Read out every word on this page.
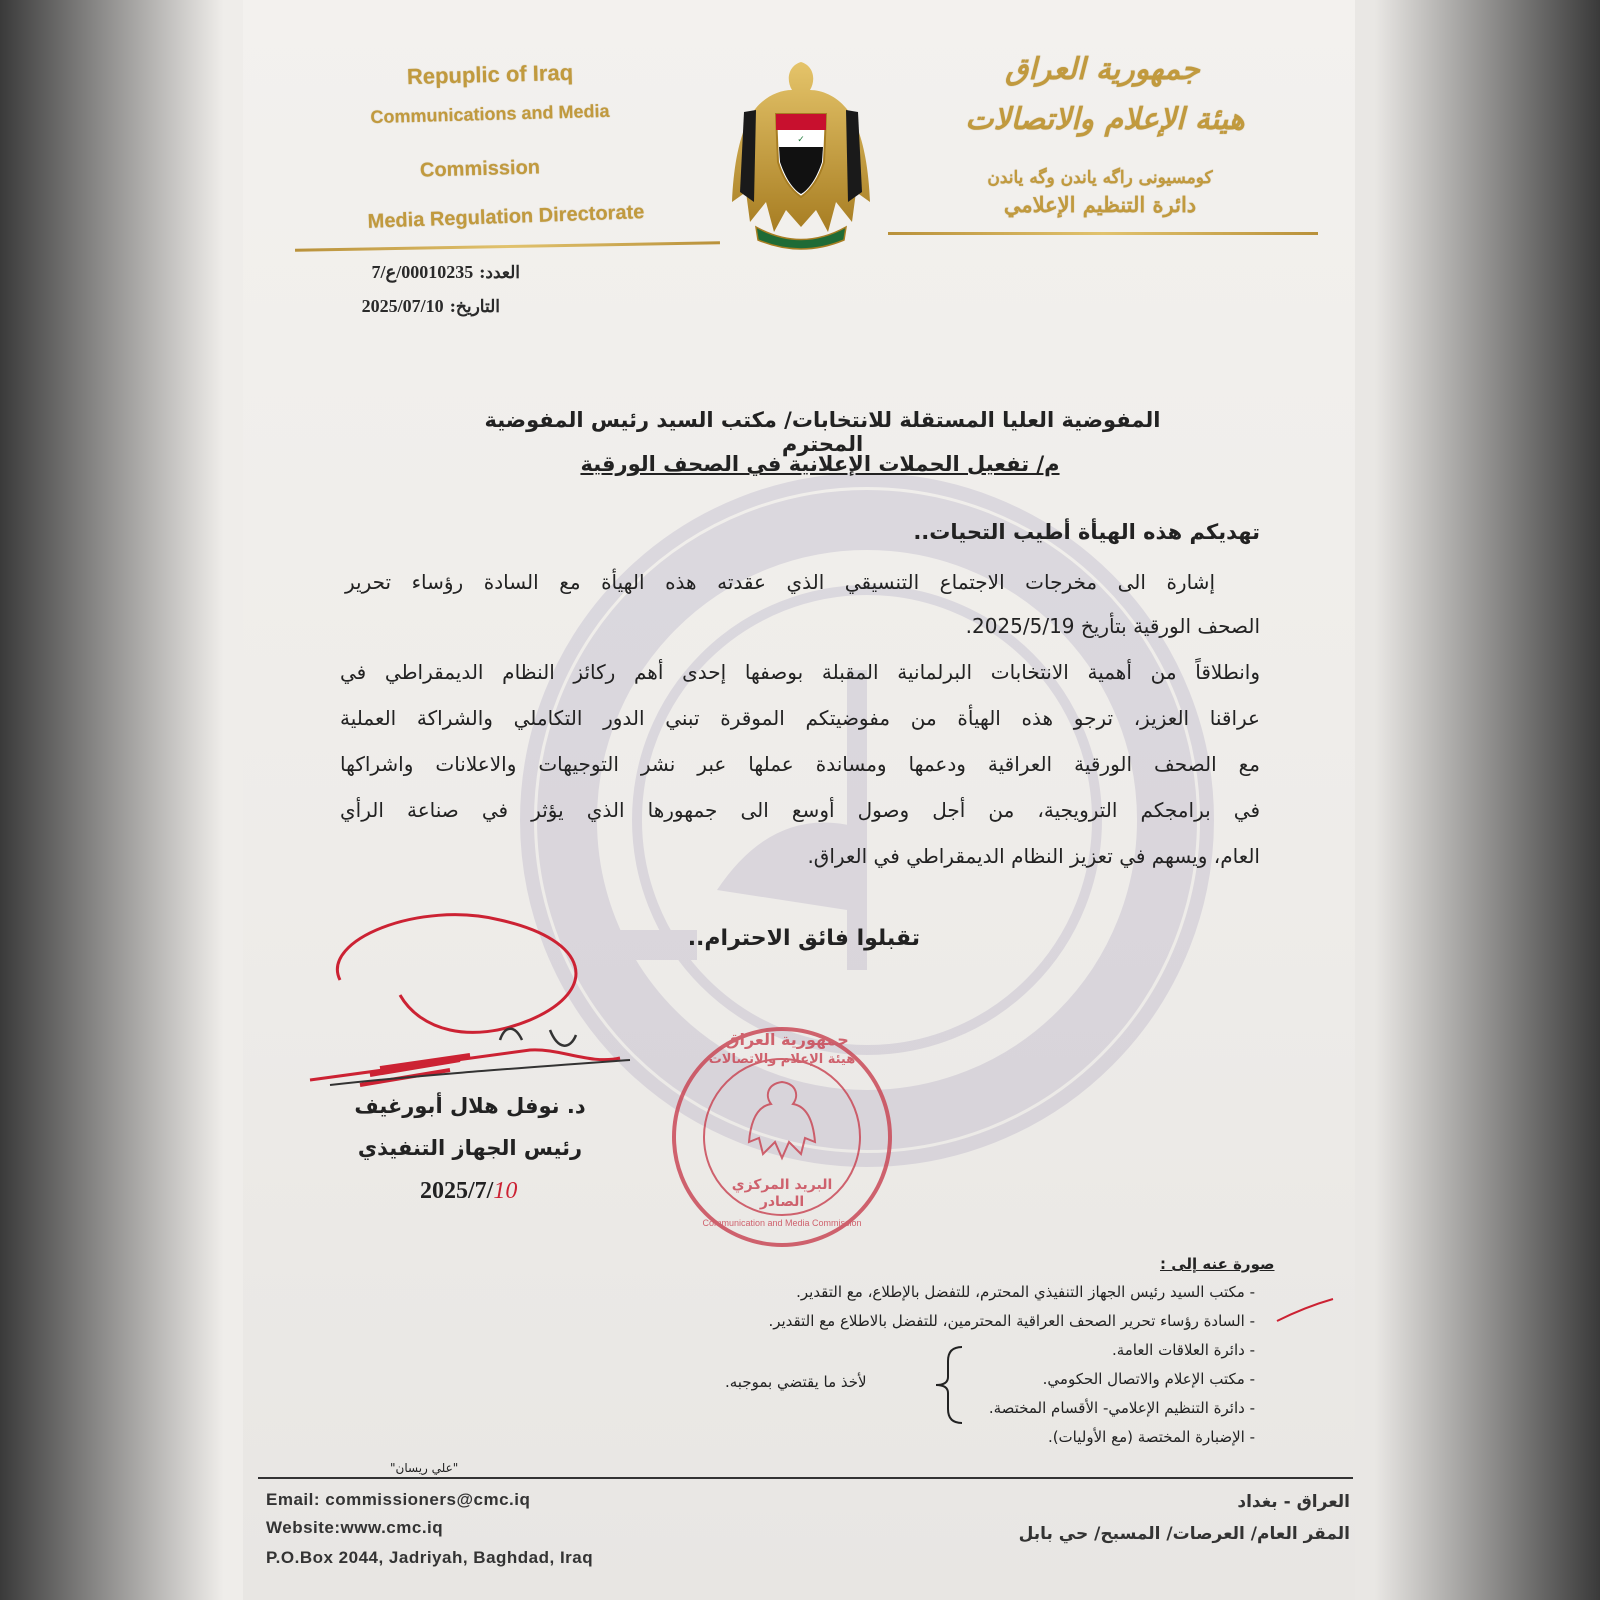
Repuplic of Iraq
Communications and Media
Commission
Media Regulation Directorate
✓
جمهورية العراق
هيئة الإعلام والاتصالات
كومسيونى راگه ياندن وگه ياندن
دائرة التنظيم الإعلامي
العدد: 00010235/ع/7
التاريخ: 2025/07/10
المفوضية العليا المستقلة للانتخابات/ مكتب السيد رئيس المفوضية المحترم
م/ تفعيل الحملات الإعلانية في الصحف الورقية
تهديكم هذه الهيأة أطيب التحيات..
إشارة الى مخرجات الاجتماع التنسيقي الذي عقدته هذه الهيأة مع السادة رؤساء تحرير
الصحف الورقية بتأريخ 2025/5/19.
وانطلاقاً من أهمية الانتخابات البرلمانية المقبلة بوصفها إحدى أهم ركائز النظام الديمقراطي في
عراقنا العزيز، ترجو هذه الهيأة من مفوضيتكم الموقرة تبني الدور التكاملي والشراكة العملية
مع الصحف الورقية العراقية ودعمها ومساندة عملها عبر نشر التوجيهات والاعلانات واشراكها
في برامجكم الترويجية، من أجل وصول أوسع الى جمهورها الذي يؤثر في صناعة الرأي
العام، ويسهم في تعزيز النظام الديمقراطي في العراق.
تقبلوا فائق الاحترام..
د. نوفل هلال أبورغيف
رئيس الجهاز التنفيذي
2025/7/10
جمهورية العراق
هيئة الإعلام والاتصالات
البريد المركزي الصادر
Communication and Media Commission
صورة عنه إلى :
- مكتب السيد رئيس الجهاز التنفيذي المحترم، للتفضل بالإطلاع، مع التقدير.
- السادة رؤساء تحرير الصحف العراقية المحترمين، للتفضل بالاطلاع مع التقدير.
- دائرة العلاقات العامة.
- مكتب الإعلام والاتصال الحكومي.
- دائرة التنظيم الإعلامي- الأقسام المختصة.
- الإضبارة المختصة (مع الأوليات).
لأخذ ما يقتضي بموجبه.
"علي ريسان"
Email: commissioners@cmc.iq
Website:www.cmc.iq
P.O.Box 2044, Jadriyah, Baghdad, Iraq
العراق - بغداد
المقر العام/ العرصات/ المسبح/ حي بابل
